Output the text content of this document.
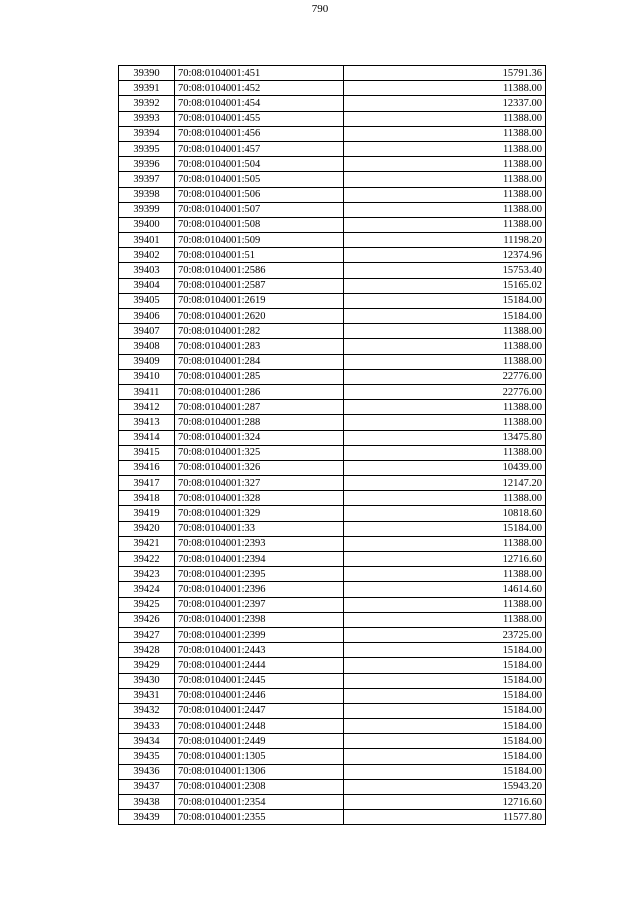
790
39390	70:08:0104001:451	15791.36
39391	70:08:0104001:452	11388.00
39392	70:08:0104001:454	12337.00
39393	70:08:0104001:455	11388.00
39394	70:08:0104001:456	11388.00
39395	70:08:0104001:457	11388.00
39396	70:08:0104001:504	11388.00
39397	70:08:0104001:505	11388.00
39398	70:08:0104001:506	11388.00
39399	70:08:0104001:507	11388.00
39400	70:08:0104001:508	11388.00
39401	70:08:0104001:509	11198.20
39402	70:08:0104001:51	12374.96
39403	70:08:0104001:2586	15753.40
39404	70:08:0104001:2587	15165.02
39405	70:08:0104001:2619	15184.00
39406	70:08:0104001:2620	15184.00
39407	70:08:0104001:282	11388.00
39408	70:08:0104001:283	11388.00
39409	70:08:0104001:284	11388.00
39410	70:08:0104001:285	22776.00
39411	70:08:0104001:286	22776.00
39412	70:08:0104001:287	11388.00
39413	70:08:0104001:288	11388.00
39414	70:08:0104001:324	13475.80
39415	70:08:0104001:325	11388.00
39416	70:08:0104001:326	10439.00
39417	70:08:0104001:327	12147.20
39418	70:08:0104001:328	11388.00
39419	70:08:0104001:329	10818.60
39420	70:08:0104001:33	15184.00
39421	70:08:0104001:2393	11388.00
39422	70:08:0104001:2394	12716.60
39423	70:08:0104001:2395	11388.00
39424	70:08:0104001:2396	14614.60
39425	70:08:0104001:2397	11388.00
39426	70:08:0104001:2398	11388.00
39427	70:08:0104001:2399	23725.00
39428	70:08:0104001:2443	15184.00
39429	70:08:0104001:2444	15184.00
39430	70:08:0104001:2445	15184.00
39431	70:08:0104001:2446	15184.00
39432	70:08:0104001:2447	15184.00
39433	70:08:0104001:2448	15184.00
39434	70:08:0104001:2449	15184.00
39435	70:08:0104001:1305	15184.00
39436	70:08:0104001:1306	15184.00
39437	70:08:0104001:2308	15943.20
39438	70:08:0104001:2354	12716.60
39439	70:08:0104001:2355	11577.80
